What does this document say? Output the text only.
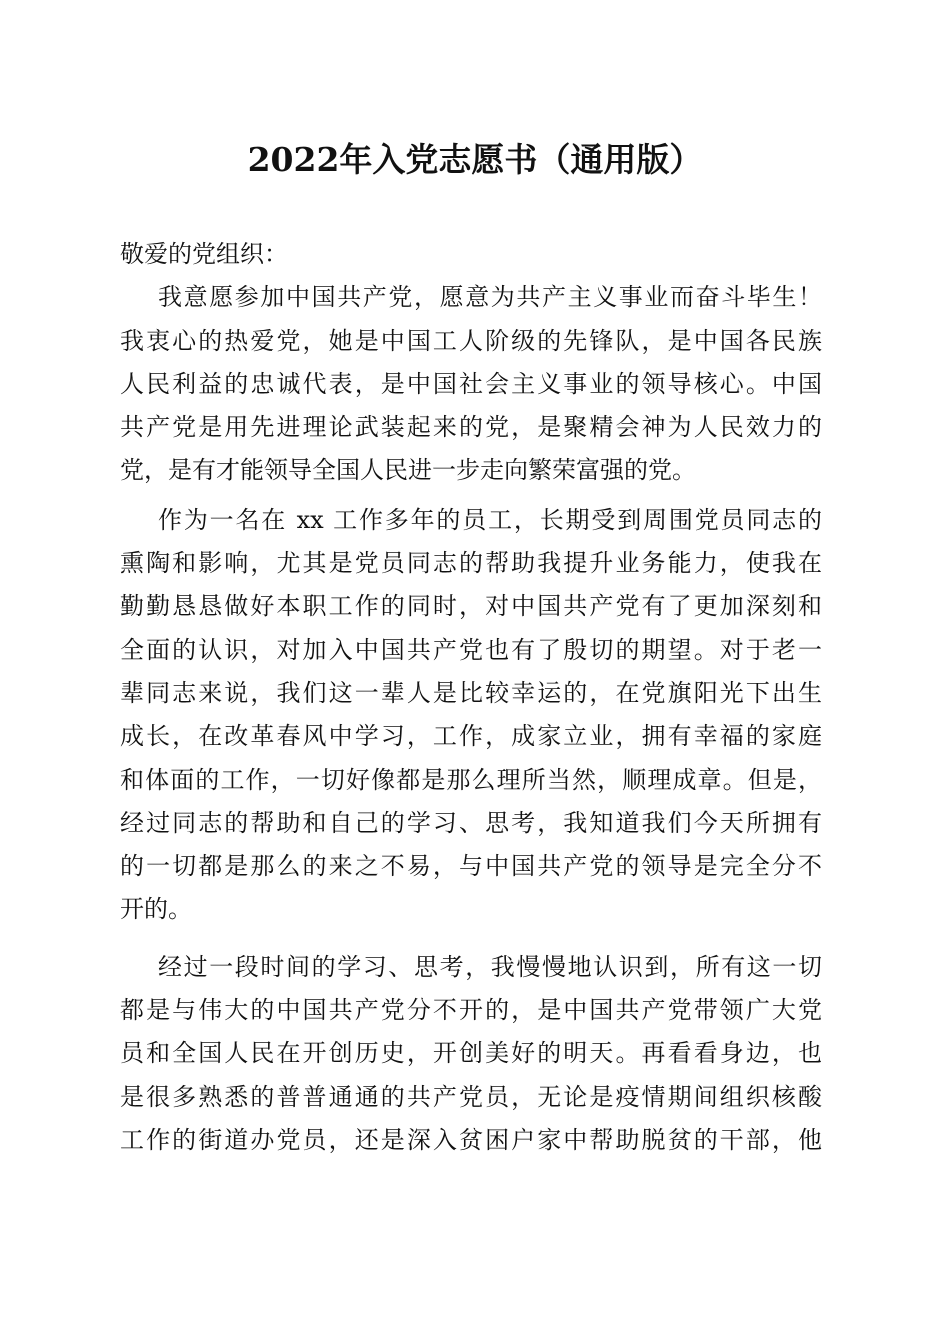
2022年入党志愿书（通用版）
敬爱的党组织：
我意愿参加中国共产党，愿意为共产主义事业而奋斗毕生！
我衷心的热爱党，她是中国工人阶级的先锋队，是中国各民族
人民利益的忠诚代表，是中国社会主义事业的领导核心。中国
共产党是用先进理论武装起来的党，是聚精会神为人民效力的
党，是有才能领导全国人民进一步走向繁荣富强的党。
作为一名在 xx 工作多年的员工，长期受到周围党员同志的
熏陶和影响，尤其是党员同志的帮助我提升业务能力，使我在
勤勤恳恳做好本职工作的同时，对中国共产党有了更加深刻和
全面的认识，对加入中国共产党也有了殷切的期望。对于老一
辈同志来说，我们这一辈人是比较幸运的，在党旗阳光下出生
成长，在改革春风中学习，工作，成家立业，拥有幸福的家庭
和体面的工作，一切好像都是那么理所当然，顺理成章。但是，
经过同志的帮助和自己的学习、思考，我知道我们今天所拥有
的一切都是那么的来之不易，与中国共产党的领导是完全分不
开的。
经过一段时间的学习、思考，我慢慢地认识到，所有这一切
都是与伟大的中国共产党分不开的，是中国共产党带领广大党
员和全国人民在开创历史，开创美好的明天。再看看身边，也
是很多熟悉的普普通通的共产党员，无论是疫情期间组织核酸
工作的街道办党员，还是深入贫困户家中帮助脱贫的干部，他
